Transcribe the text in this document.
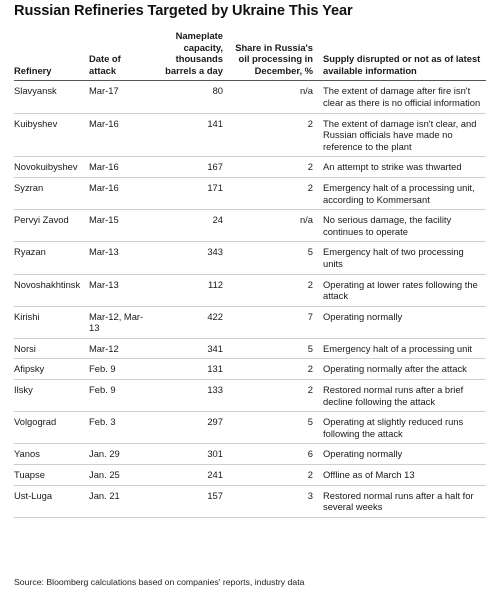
Russian Refineries Targeted by Ukraine This Year
Refinery	Date of attack	Nameplate capacity, thousands barrels a day	Share in Russia's oil processing in December, %	Supply disrupted or not as of latest available information
Slavyansk	Mar-17	80	n/a	The extent of damage after fire isn't clear as there is no official information
Kuibyshev	Mar-16	141	2	The extent of damage isn't clear, and Russian officials have made no reference to the plant
Novokuibyshev	Mar-16	167	2	An attempt to strike was thwarted
Syzran	Mar-16	171	2	Emergency halt of a processing unit, according to Kommersant
Pervyi Zavod	Mar-15	24	n/a	No serious damage, the facility continues to operate
Ryazan	Mar-13	343	5	Emergency halt of two processing units
Novoshakhtinsk	Mar-13	112	2	Operating at lower rates following the attack
Kirishi	Mar-12, Mar-13	422	7	Operating normally
Norsi	Mar-12	341	5	Emergency halt of a processing unit
Afipsky	Feb. 9	131	2	Operating normally after the attack
Ilsky	Feb. 9	133	2	Restored normal runs after a brief decline following the attack
Volgograd	Feb. 3	297	5	Operating at slightly reduced runs following the attack
Yanos	Jan. 29	301	6	Operating normally
Tuapse	Jan. 25	241	2	Offline as of March 13
Ust-Luga	Jan. 21	157	3	Restored normal runs after a halt for several weeks
Source: Bloomberg calculations based on companies' reports, industry data
